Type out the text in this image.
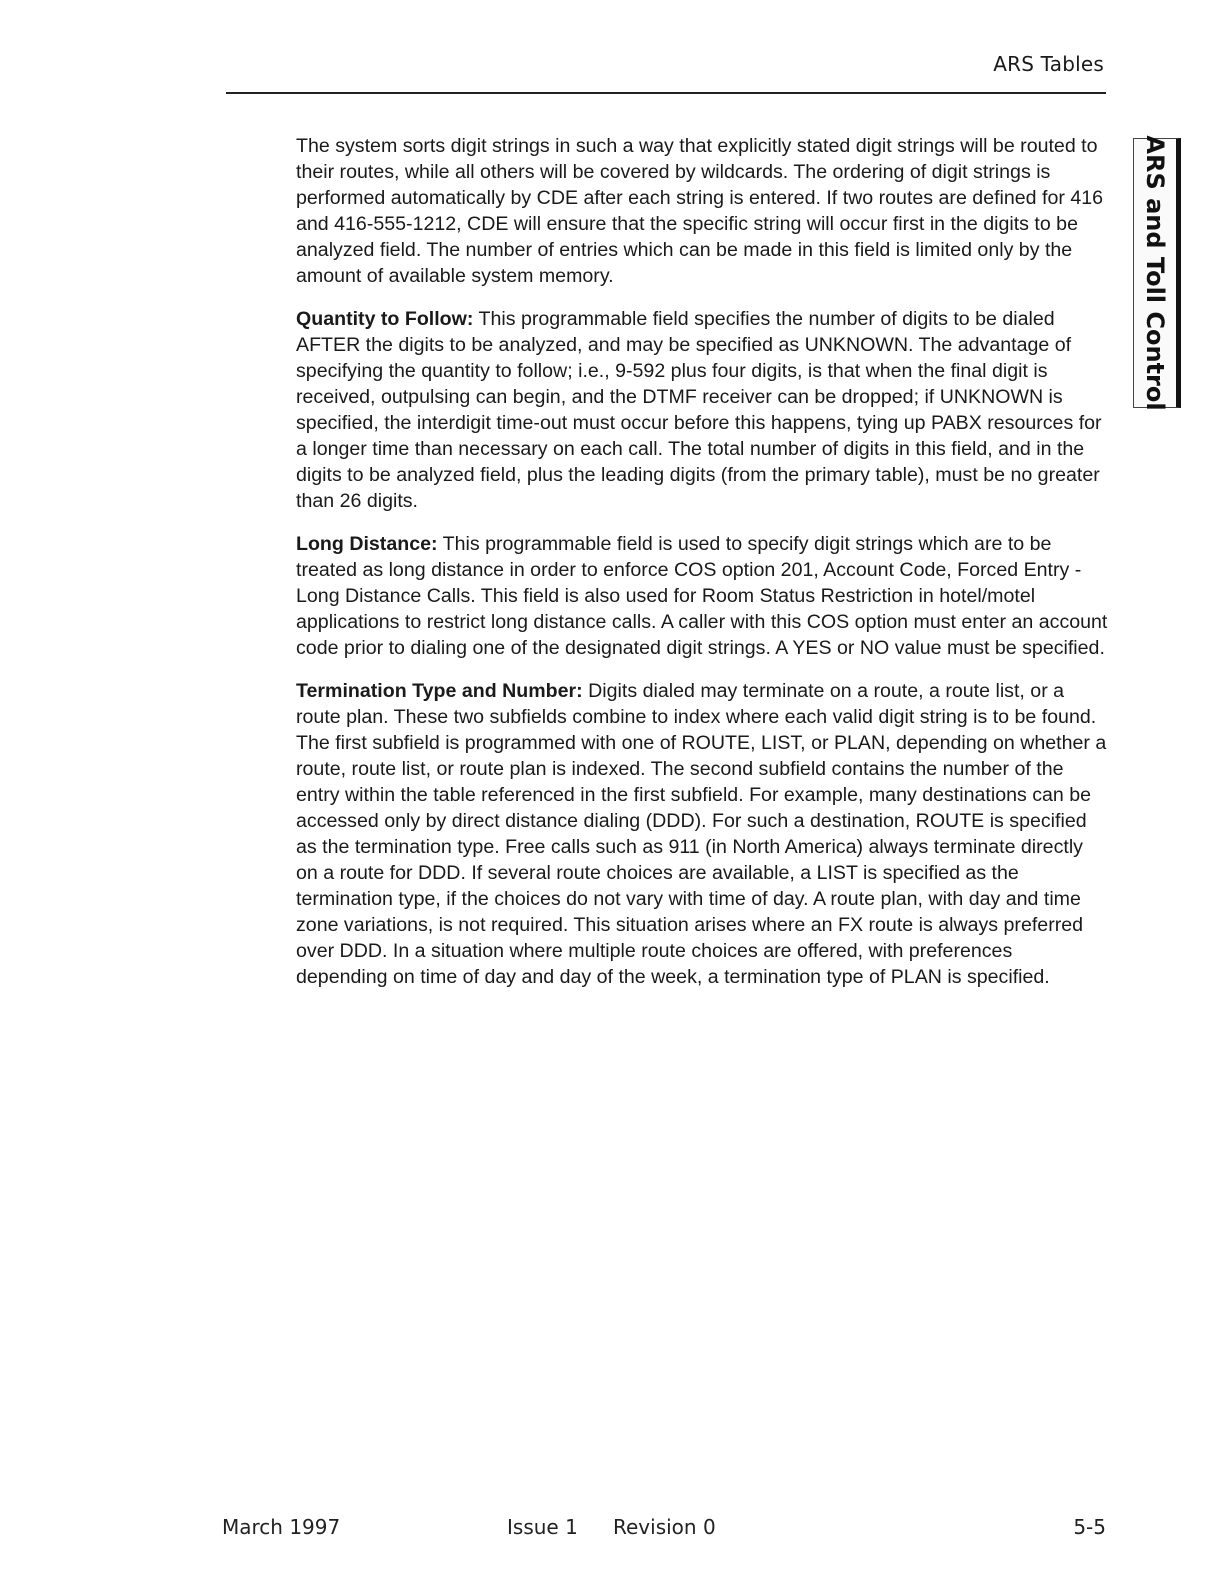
ARS Tables
ARS and Toll Control

The system sorts digit strings in such a way that explicitly stated digit strings will be routed to their routes, while all others will be covered by wildcards. The ordering of digit strings is performed automatically by CDE after each string is entered. If two routes are defined for 416 and 416-555-1212, CDE will ensure that the specific string will occur first in the digits to be analyzed field. The number of entries which can be made in this field is limited only by the amount of available system memory.

Quantity to Follow: This programmable field specifies the number of digits to be dialed AFTER the digits to be analyzed, and may be specified as UNKNOWN. The advantage of specifying the quantity to follow; i.e., 9-592 plus four digits, is that when the final digit is received, outpulsing can begin, and the DTMF receiver can be dropped; if UNKNOWN is specified, the interdigit time-out must occur before this happens, tying up PABX resources for a longer time than necessary on each call. The total number of digits in this field, and in the digits to be analyzed field, plus the leading digits (from the primary table), must be no greater than 26 digits.

Long Distance: This programmable field is used to specify digit strings which are to be treated as long distance in order to enforce COS option 201, Account Code, Forced Entry - Long Distance Calls. This field is also used for Room Status Restriction in hotel/motel applications to restrict long distance calls. A caller with this COS option must enter an account code prior to dialing one of the designated digit strings. A YES or NO value must be specified.

Termination Type and Number: Digits dialed may terminate on a route, a route list, or a route plan. These two subfields combine to index where each valid digit string is to be found. The first subfield is programmed with one of ROUTE, LIST, or PLAN, depending on whether a route, route list, or route plan is indexed. The second subfield contains the number of the entry within the table referenced in the first subfield. For example, many destinations can be accessed only by direct distance dialing (DDD). For such a destination, ROUTE is specified as the termination type. Free calls such as 911 (in North America) always terminate directly on a route for DDD. If several route choices are available, a LIST is specified as the termination type, if the choices do not vary with time of day. A route plan, with day and time zone variations, is not required. This situation arises where an FX route is always preferred over DDD. In a situation where multiple route choices are offered, with preferences depending on time of day and day of the week, a termination type of PLAN is specified.

March 1997	Issue 1 Revision 0	5-5
